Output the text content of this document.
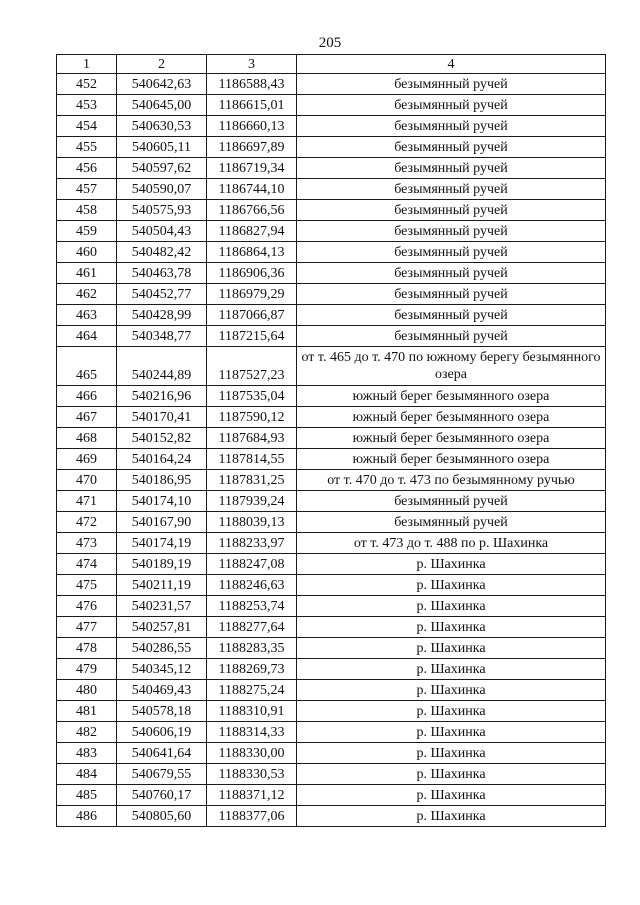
205
1	2	3	4
452	540642,63	1186588,43	безымянный ручей
453	540645,00	1186615,01	безымянный ручей
454	540630,53	1186660,13	безымянный ручей
455	540605,11	1186697,89	безымянный ручей
456	540597,62	1186719,34	безымянный ручей
457	540590,07	1186744,10	безымянный ручей
458	540575,93	1186766,56	безымянный ручей
459	540504,43	1186827,94	безымянный ручей
460	540482,42	1186864,13	безымянный ручей
461	540463,78	1186906,36	безымянный ручей
462	540452,77	1186979,29	безымянный ручей
463	540428,99	1187066,87	безымянный ручей
464	540348,77	1187215,64	безымянный ручей
465	540244,89	1187527,23	от т. 465 до т. 470 по южному берегу безымянного озера
466	540216,96	1187535,04	южный берег безымянного озера
467	540170,41	1187590,12	южный берег безымянного озера
468	540152,82	1187684,93	южный берег безымянного озера
469	540164,24	1187814,55	южный берег безымянного озера
470	540186,95	1187831,25	от т. 470 до т. 473 по безымянному ручью
471	540174,10	1187939,24	безымянный ручей
472	540167,90	1188039,13	безымянный ручей
473	540174,19	1188233,97	от т. 473 до т. 488 по р. Шахинка
474	540189,19	1188247,08	р. Шахинка
475	540211,19	1188246,63	р. Шахинка
476	540231,57	1188253,74	р. Шахинка
477	540257,81	1188277,64	р. Шахинка
478	540286,55	1188283,35	р. Шахинка
479	540345,12	1188269,73	р. Шахинка
480	540469,43	1188275,24	р. Шахинка
481	540578,18	1188310,91	р. Шахинка
482	540606,19	1188314,33	р. Шахинка
483	540641,64	1188330,00	р. Шахинка
484	540679,55	1188330,53	р. Шахинка
485	540760,17	1188371,12	р. Шахинка
486	540805,60	1188377,06	р. Шахинка
